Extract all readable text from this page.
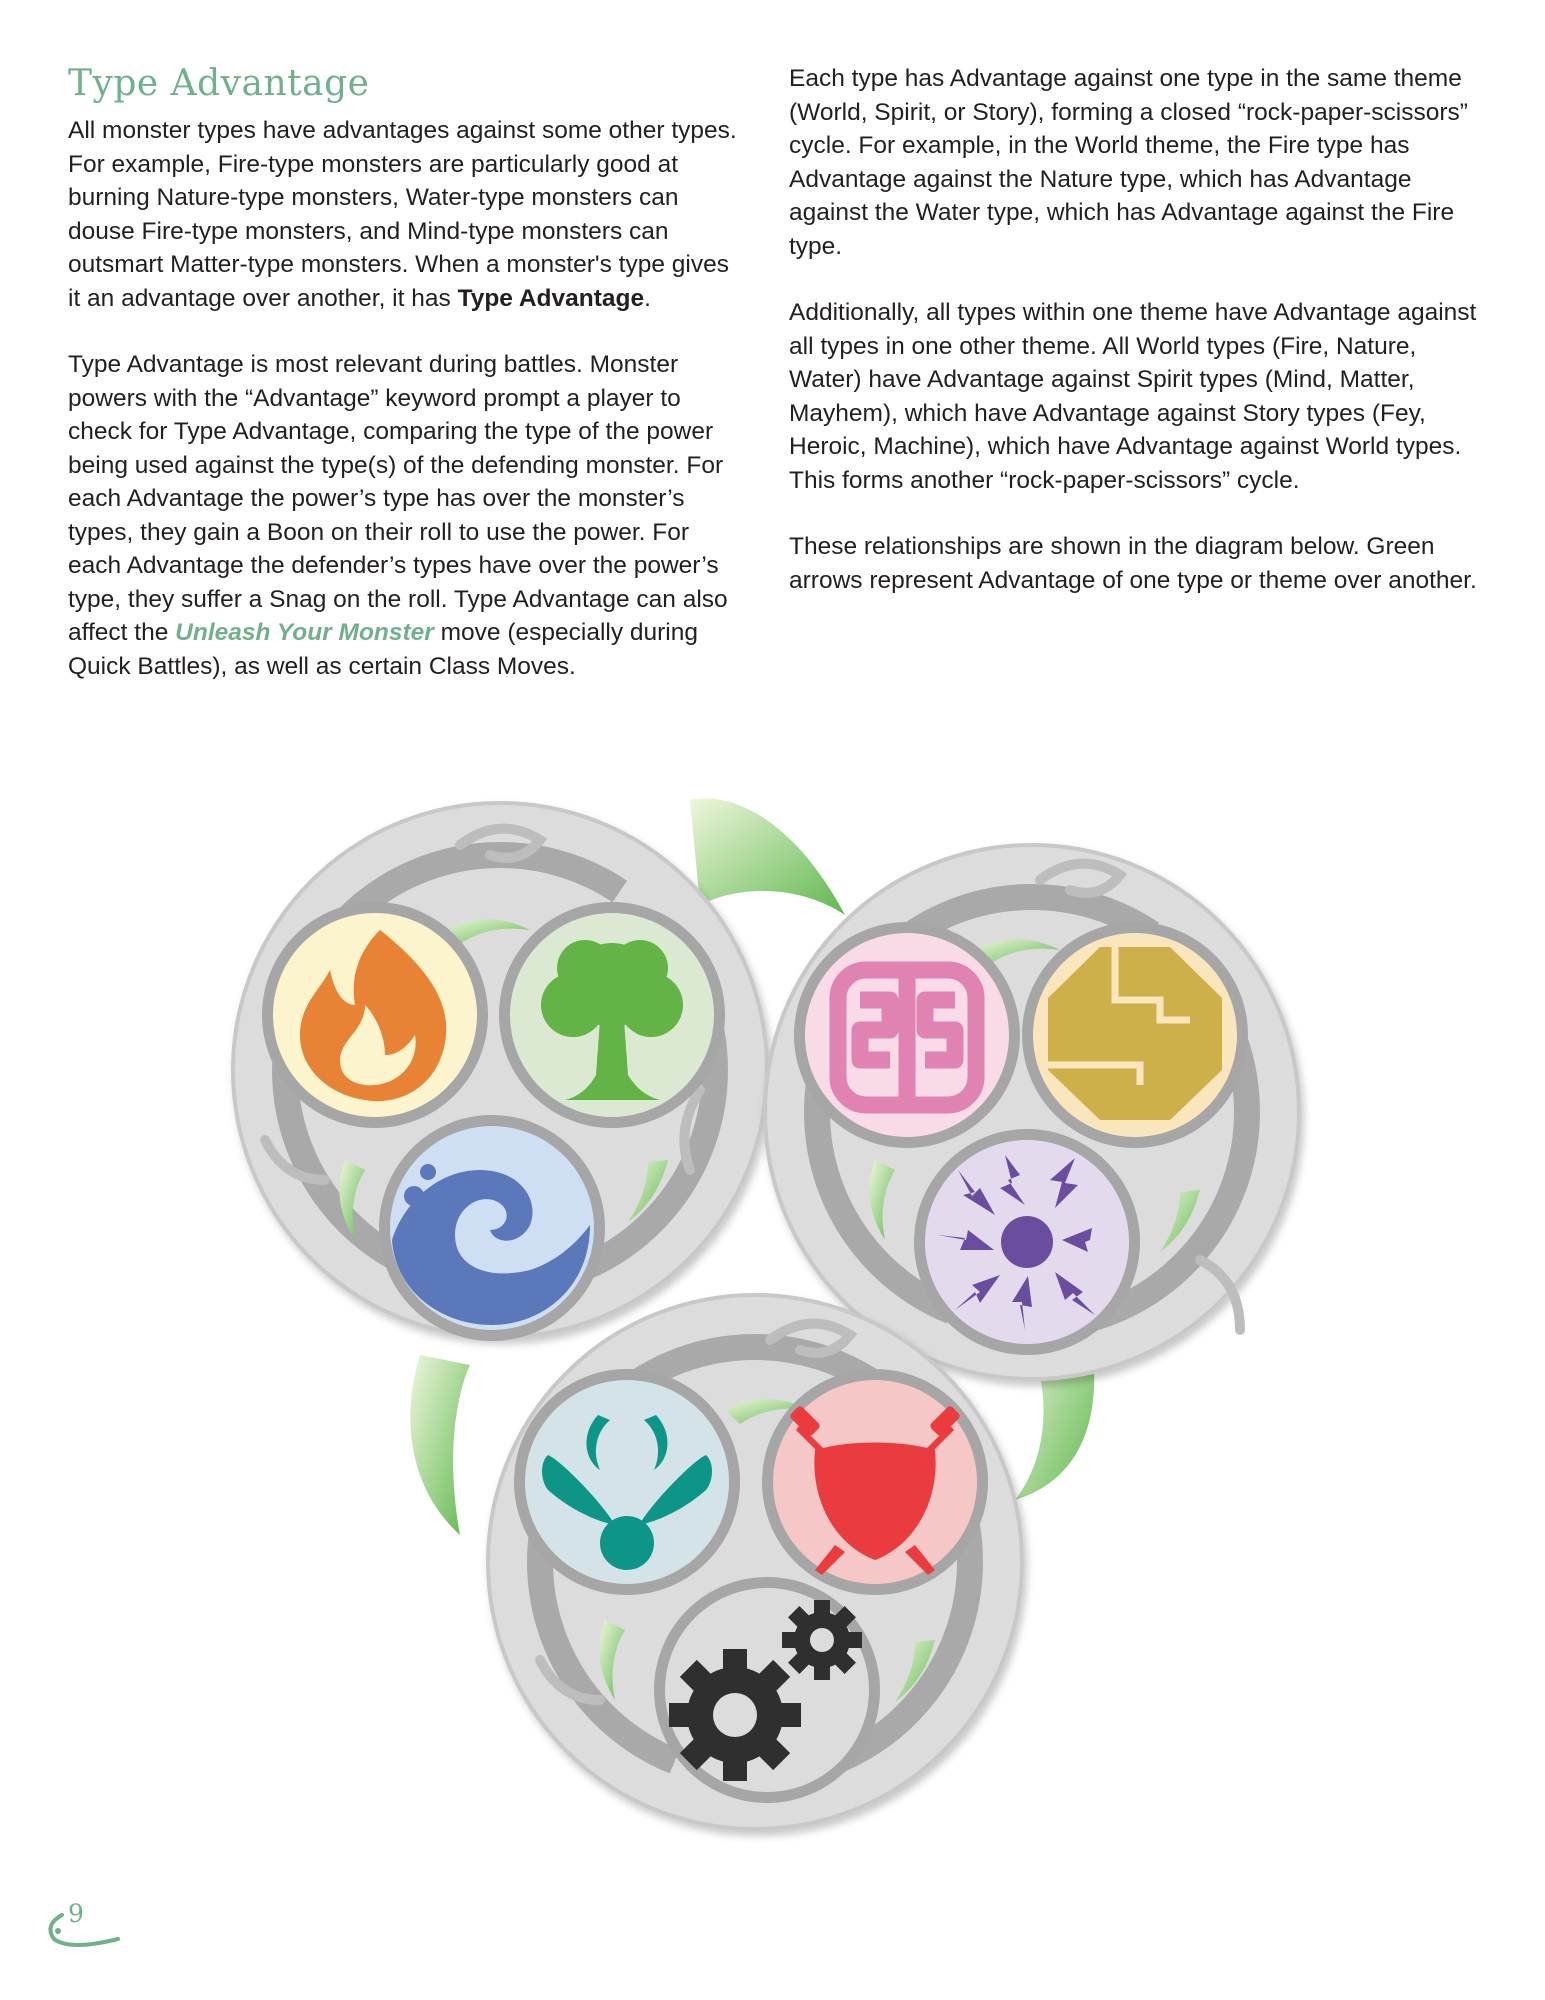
Type Advantage

All monster types have advantages against some other types. For example, Fire-type monsters are particularly good at burning Nature-type monsters, Water-type monsters can douse Fire-type monsters, and Mind-type monsters can outsmart Matter-type monsters. When a monster's type gives it an advantage over another, it has Type Advantage.

Type Advantage is most relevant during battles. Monster powers with the “Advantage” keyword prompt a player to check for Type Advantage, comparing the type of the power being used against the type(s) of the defending monster. For each Advantage the power’s type has over the monster’s types, they gain a Boon on their roll to use the power. For each Advantage the defender’s types have over the power’s type, they suffer a Snag on the roll. Type Advantage can also affect the Unleash Your Monster move (especially during Quick Battles), as well as certain Class Moves.

Each type has Advantage against one type in the same theme (World, Spirit, or Story), forming a closed “rock-paper-scissors” cycle. For example, in the World theme, the Fire type has Advantage against the Nature type, which has Advantage against the Water type, which has Advantage against the Fire type.

Additionally, all types within one theme have Advantage against all types in one other theme. All World types (Fire, Nature, Water) have Advantage against Spirit types (Mind, Matter, Mayhem), which have Advantage against Story types (Fey, Heroic, Machine), which have Advantage against World types. This forms another “rock-paper-scissors” cycle.

These relationships are shown in the diagram below. Green arrows represent Advantage of one type or theme over another.

9
